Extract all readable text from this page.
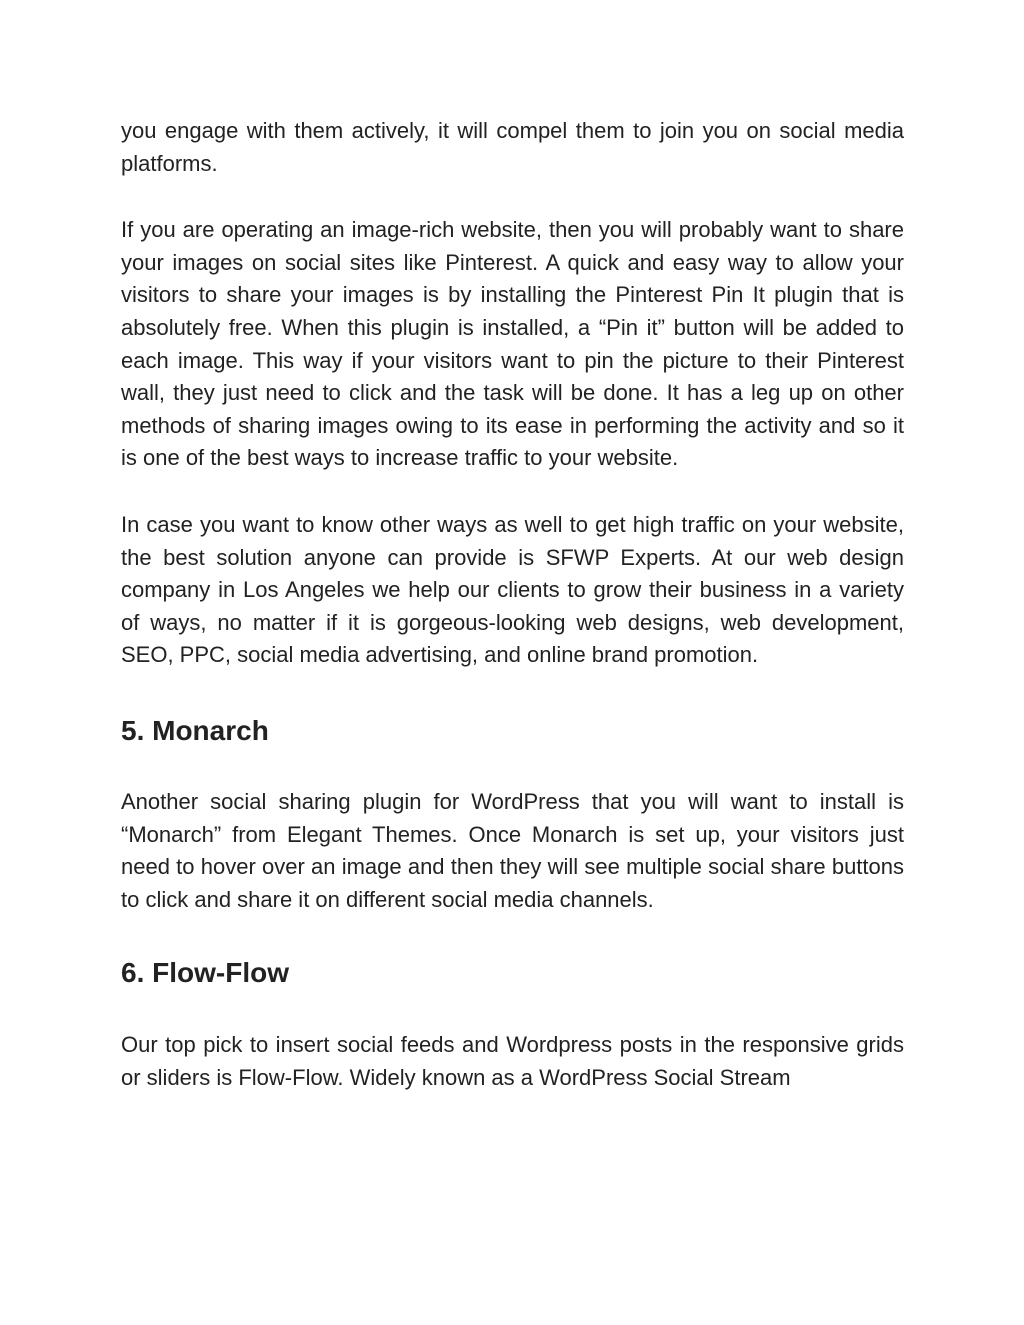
you engage with them actively, it will compel them to join you on social media platforms.

If you are operating an image-rich website, then you will probably want to share your images on social sites like Pinterest. A quick and easy way to allow your visitors to share your images is by installing the Pinterest Pin It plugin that is absolutely free. When this plugin is installed, a “Pin it” button will be added to each image. This way if your visitors want to pin the picture to their Pinterest wall, they just need to click and the task will be done. It has a leg up on other methods of sharing images owing to its ease in performing the activity and so it is one of the best ways to increase traffic to your website.

In case you want to know other ways as well to get high traffic on your website, the best solution anyone can provide is SFWP Experts. At our web design company in Los Angeles we help our clients to grow their business in a variety of ways, no matter if it is gorgeous-looking web designs, web development, SEO, PPC, social media advertising, and online brand promotion.

5. Monarch

Another social sharing plugin for WordPress that you will want to install is “Monarch” from Elegant Themes. Once Monarch is set up, your visitors just need to hover over an image and then they will see multiple social share buttons to click and share it on different social media channels.

6. Flow-Flow

Our top pick to insert social feeds and Wordpress posts in the responsive grids or sliders is Flow-Flow. Widely known as a WordPress Social Stream
